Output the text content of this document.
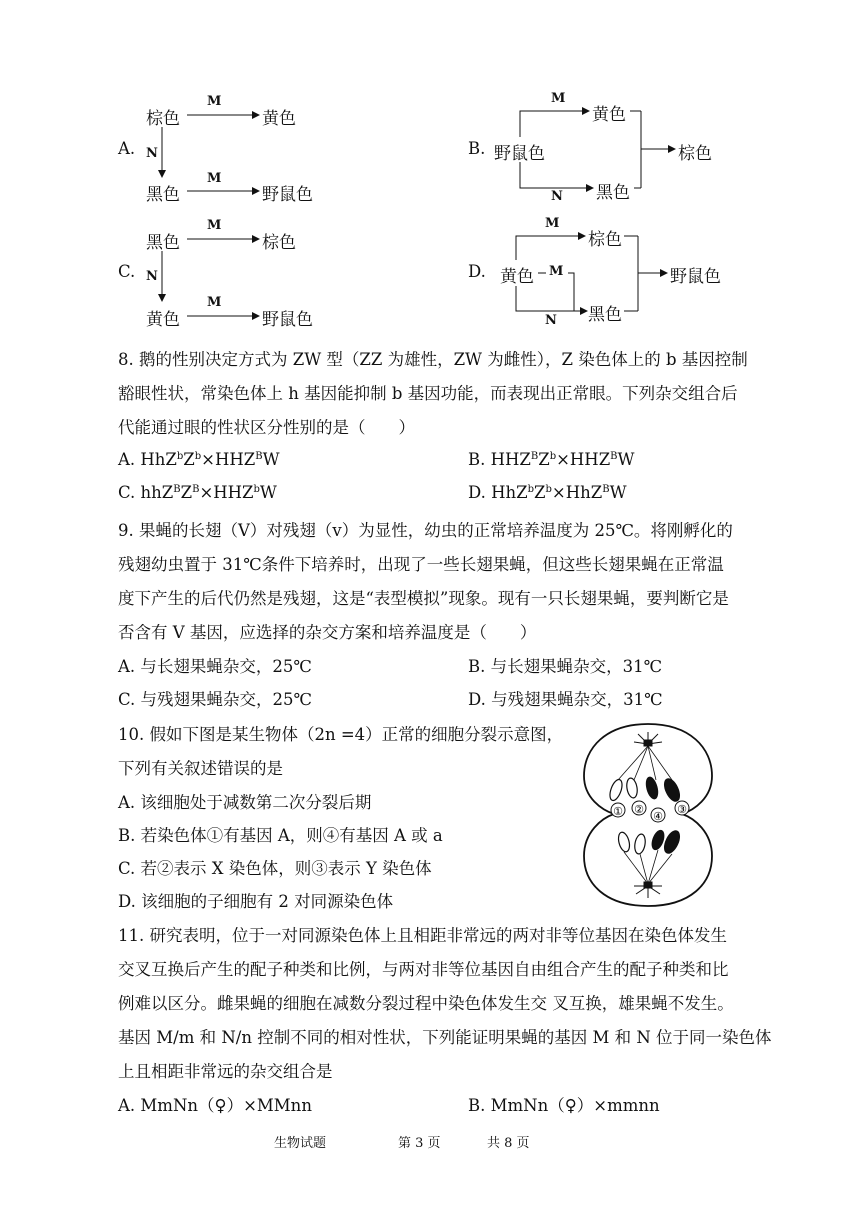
A.
棕色	黄色
黑色	野鼠色
M
M
N	B. 野鼠色
黄色
黑色
棕色
M
N
C.
黑色	棕色
黄色	野鼠色
M
M
N	D. 黄色
棕色
黑色
野鼠色
M
M
N
8. 鹅的性别决定方式为 ZW 型（ZZ 为雄性，ZW 为雌性），Z 染色体上的 b 基因控制
豁眼性状，常染色体上 h 基因能抑制 b 基因功能，而表现出正常眼。下列杂交组合后
代能通过眼的性状区分性别的是（　　）
A. $HhZ^bZ^b\times HHZ^BW$	B. $HHZ^BZ^b\times HHZ^BW$
C. $hhZ^BZ^B\times HHZ^bW$	D. $HhZ^bZ^b\times HhZ^BW$
9. 果蝇的长翅（V）对残翅（v）为显性，幼虫的正常培养温度为 25℃。将刚孵化的
残翅幼虫置于 31℃条件下培养时，出现了一些长翅果蝇，但这些长翅果蝇在正常温
度下产生的后代仍然是残翅，这是“表型模拟”现象。现有一只长翅果蝇，要判断它是
否含有 V 基因，应选择的杂交方案和培养温度是（　　）
A. 与长翅果蝇杂交，25℃	B. 与长翅果蝇杂交，31℃
C. 与残翅果蝇杂交，25℃	D. 与残翅果蝇杂交，31℃
10. 假如下图是某生物体（2n =4）正常的细胞分裂示意图，
下列有关叙述错误的是
A. 该细胞处于减数第二次分裂后期
B. 若染色体①有基因 A，则④有基因 A 或 a
C. 若②表示 X 染色体，则③表示 Y 染色体
D. 该细胞的子细胞有 2 对同源染色体
① ②
④
③
11. 研究表明，位于一对同源染色体上且相距非常远的两对非等位基因在染色体发生
交叉互换后产生的配子种类和比例，与两对非等位基因自由组合产生的配子种类和比
例难以区分。雌果蝇的细胞在减数分裂过程中染色体发生交 叉互换，雄果蝇不发生。
基因 M/m 和 N/n 控制不同的相对性状，下列能证明果蝇的基因 M 和 N 位于同一染色体
上且相距非常远的杂交组合是
A. MmNn（♀）×MMnn	B. MmNn（♀）×mmnn
生物试题	第 3 页	共 8 页
